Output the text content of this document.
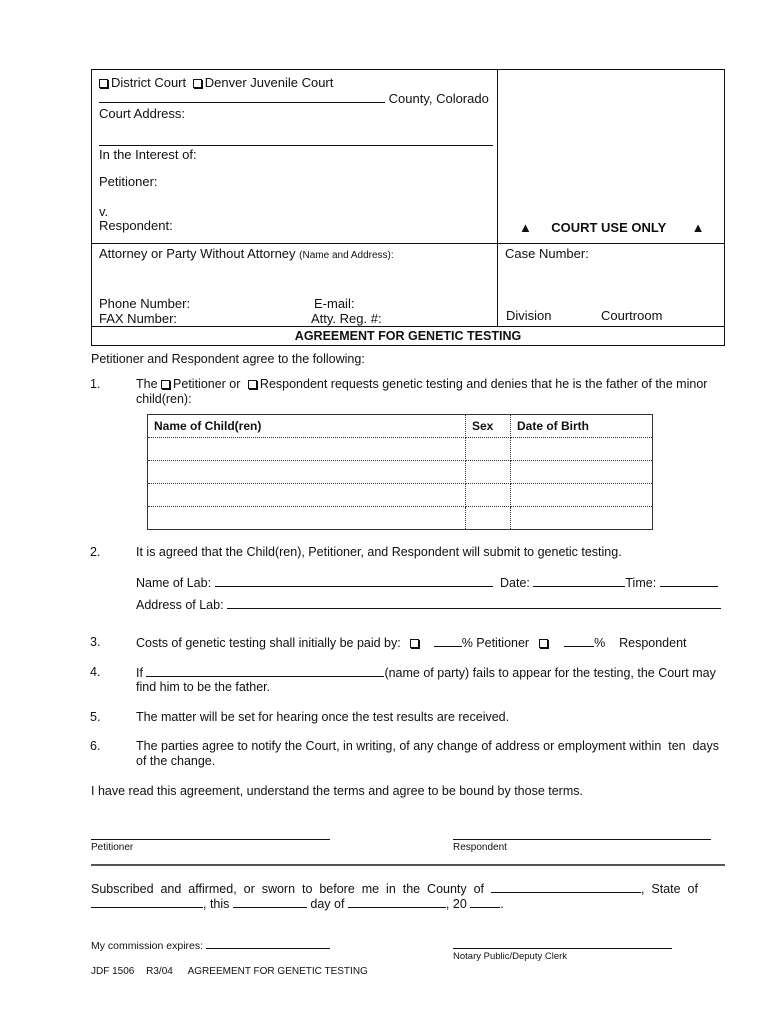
District Court Denver Juvenile Court
County, Colorado
Court Address:
In the Interest of:
Petitioner:
v.
Respondent:	▲ COURT USE ONLY ▲
Attorney or Party Without Attorney (Name and Address):	Case Number:
Phone Number:	E-mail:
FAX Number:	Atty. Reg. #:	Division	Courtroom
AGREEMENT FOR GENETIC TESTING
Petitioner and Respondent agree to the following:
1.	The Petitioner or Respondent requests genetic testing and denies that he is the father of the minor
child(ren):
Name of Child(ren)	Sex	Date of Birth

2.	It is agreed that the Child(ren), Petitioner, and Respondent will submit to genetic testing.
Name of Lab:	Date:	Time:
Address of Lab:
3.	Costs of genetic testing shall initially be paid by:	% Petitioner	%    Respondent
4.	If	(name of party) fails to appear for the testing, the Court may
find him to be the father.
5.	The matter will be set for hearing once the test results are received.
6.	The parties agree to notify the Court, in writing, of any change of address or employment within  ten  days
of the change.
I have read this agreement, understand the terms and agree to be bound by those terms.
Petitioner	Respondent
Subscribed  and  affirmed,  or  sworn  to  before  me  in  the  County  of	,  State  of
, this	day of	, 20	.
My commission expires:
Notary Public/Deputy Clerk
JDF 1506 R3/04 AGREEMENT FOR GENETIC TESTING
